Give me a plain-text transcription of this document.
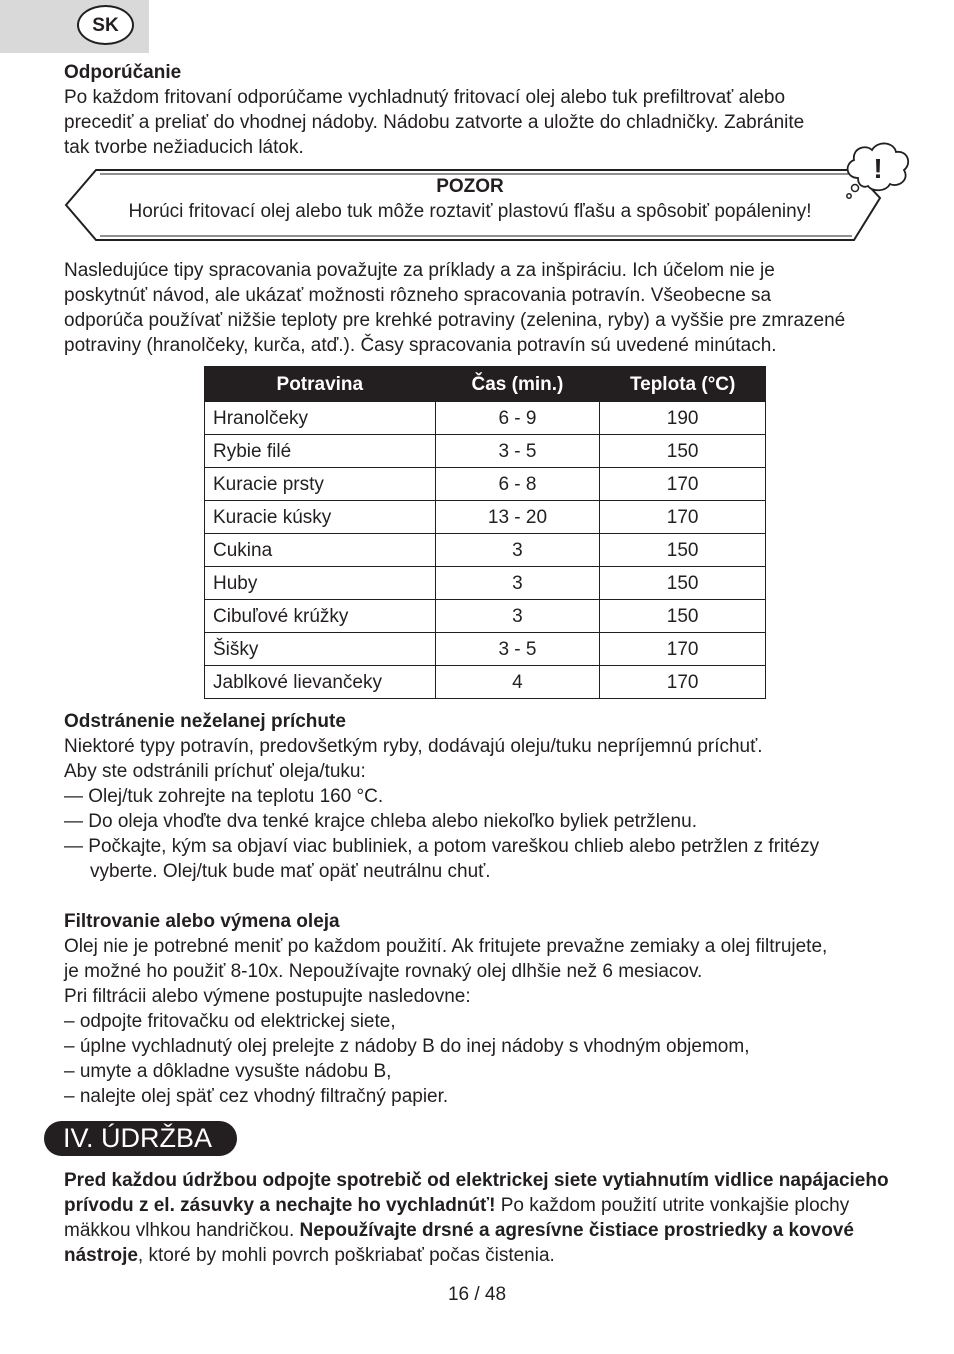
SK
Odporúčanie
Po každom fritovaní odporúčame vychladnutý fritovací olej alebo tuk prefiltrovať alebo
precediť a preliať do vhodnej nádoby. Nádobu zatvorte a uložte do chladničky. Zabránite
tak tvorbe nežiaducich látok.
POZOR
Horúci fritovací olej alebo tuk môže roztaviť plastovú fľašu a spôsobiť popáleniny!
!
Nasledujúce tipy spracovania považujte za príklady a za inšpiráciu. Ich účelom nie je
poskytnúť návod, ale ukázať možnosti rôzneho spracovania potravín. Všeobecne sa
odporúča používať nižšie teploty pre krehké potraviny (zelenina, ryby) a vyššie pre zmrazené
potraviny (hranolčeky, kurča, atď.). Časy spracovania potravín sú uvedené minútach.
Potravina	Čas (min.)	Teplota (°C)
Hranolčeky	6 - 9	190
Rybie filé	3 - 5	150
Kuracie prsty	6 - 8	170
Kuracie kúsky	13 - 20	170
Cukina	3	150
Huby	3	150
Cibuľové krúžky	3	150
Šišky	3 - 5	170
Jablkové lievančeky	4	170
Odstránenie neželanej príchute
Niektoré typy potravín, predovšetkým ryby, dodávajú oleju/tuku nepríjemnú príchuť.
Aby ste odstránili príchuť oleja/tuku:
— Olej/tuk zohrejte na teplotu 160 °C.
— Do oleja vhoďte dva tenké krajce chleba alebo niekoľko byliek petržlenu.
— Počkajte, kým sa objaví viac bubliniek, a potom vareškou chlieb alebo petržlen z fritézy
vyberte. Olej/tuk bude mať opäť neutrálnu chuť.
Filtrovanie alebo výmena oleja
Olej nie je potrebné meniť po každom použití. Ak fritujete prevažne zemiaky a olej filtrujete,
je možné ho použiť 8-10x. Nepoužívajte rovnaký olej dlhšie než 6 mesiacov.
Pri filtrácii alebo výmene postupujte nasledovne:
– odpojte fritovačku od elektrickej siete,
– úplne vychladnutý olej prelejte z nádoby B do inej nádoby s vhodným objemom,
– umyte a dôkladne vysušte nádobu B,
– nalejte olej späť cez vhodný filtračný papier.
IV. ÚDRŽBA
Pred každou údržbou odpojte spotrebič od elektrickej siete vytiahnutím vidlice napájacieho prívodu z el. zásuvky a nechajte ho vychladnúť! Po každom použití utrite vonkajšie plochy mäkkou vlhkou handričkou. Nepoužívajte drsné a agresívne čistiace prostriedky a kovové nástroje, ktoré by mohli povrch poškriabať počas čistenia.
16 / 48
